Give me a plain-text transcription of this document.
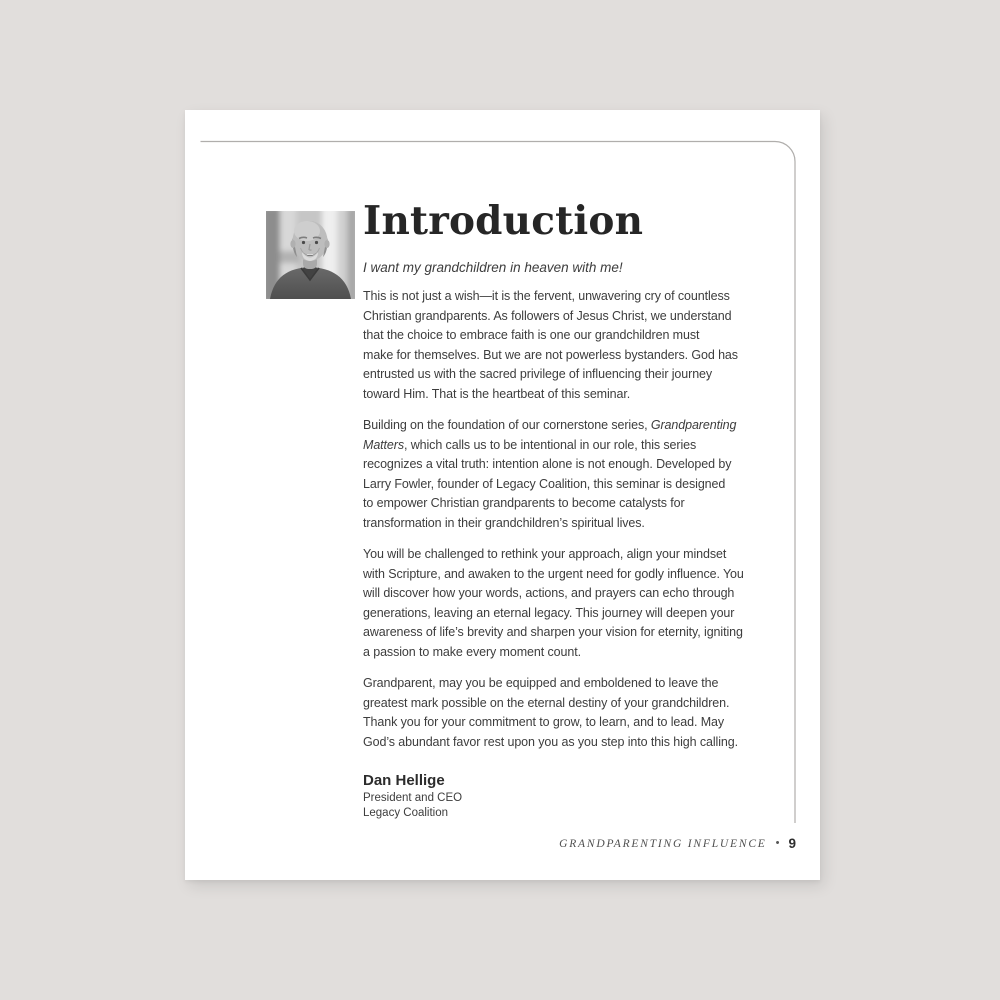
Introduction

I want my grandchildren in heaven with me!

This is not just a wish—it is the fervent, unwavering cry of countless
Christian grandparents. As followers of Jesus Christ, we understand
that the choice to embrace faith is one our grandchildren must
make for themselves. But we are not powerless bystanders. God has
entrusted us with the sacred privilege of influencing their journey
toward Him. That is the heartbeat of this seminar.

Building on the foundation of our cornerstone series, Grandparenting
Matters, which calls us to be intentional in our role, this series
recognizes a vital truth: intention alone is not enough. Developed by
Larry Fowler, founder of Legacy Coalition, this seminar is designed
to empower Christian grandparents to become catalysts for
transformation in their grandchildren’s spiritual lives.

You will be challenged to rethink your approach, align your mindset
with Scripture, and awaken to the urgent need for godly influence. You
will discover how your words, actions, and prayers can echo through
generations, leaving an eternal legacy. This journey will deepen your
awareness of life’s brevity and sharpen your vision for eternity, igniting
a passion to make every moment count.

Grandparent, may you be equipped and emboldened to leave the
greatest mark possible on the eternal destiny of your grandchildren.
Thank you for your commitment to grow, to learn, and to lead. May
God’s abundant favor rest upon you as you step into this high calling.

Dan Hellige
President and CEO
Legacy Coalition
GRANDPARENTING INFLUENCE • 9
